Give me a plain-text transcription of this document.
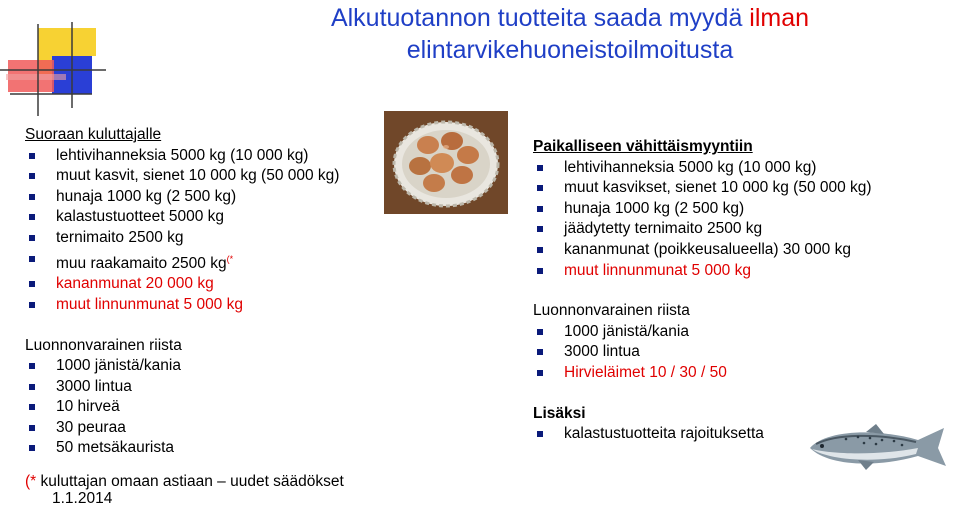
Alkutuotannon tuotteita saada myydä ilman
elintarvikehuoneistoilmoitusta
Suoraan kuluttajalle
lehtivihanneksia 5000 kg (10 000 kg)
muut kasvit, sienet 10 000 kg (50 000 kg)
hunaja 1000 kg (2 500 kg)
kalastustuotteet 5000 kg
ternimaito 2500 kg
muu raakamaito 2500 kg(*
kananmunat 20 000 kg
muut linnunmunat 5 000 kg
Luonnonvarainen riista
1000 jänistä/kania
3000 lintua
10 hirveä
30 peuraa
50 metsäkaurista
Paikalliseen vähittäismyyntiin
lehtivihanneksia 5000 kg (10 000 kg)
muut kasvikset, sienet 10 000 kg (50 000 kg)
hunaja 1000 kg (2 500 kg)
jäädytetty ternimaito 2500 kg
kananmunat (poikkeusalueella) 30 000 kg
muut linnunmunat 5 000 kg
Luonnonvarainen riista
1000 jänistä/kania
3000 lintua
Hirvieläimet 10 / 30 / 50
Lisäksi
kalastustuotteita rajoituksetta
(* kuluttajan omaan astiaan – uudet säädökset
1.1.2014
